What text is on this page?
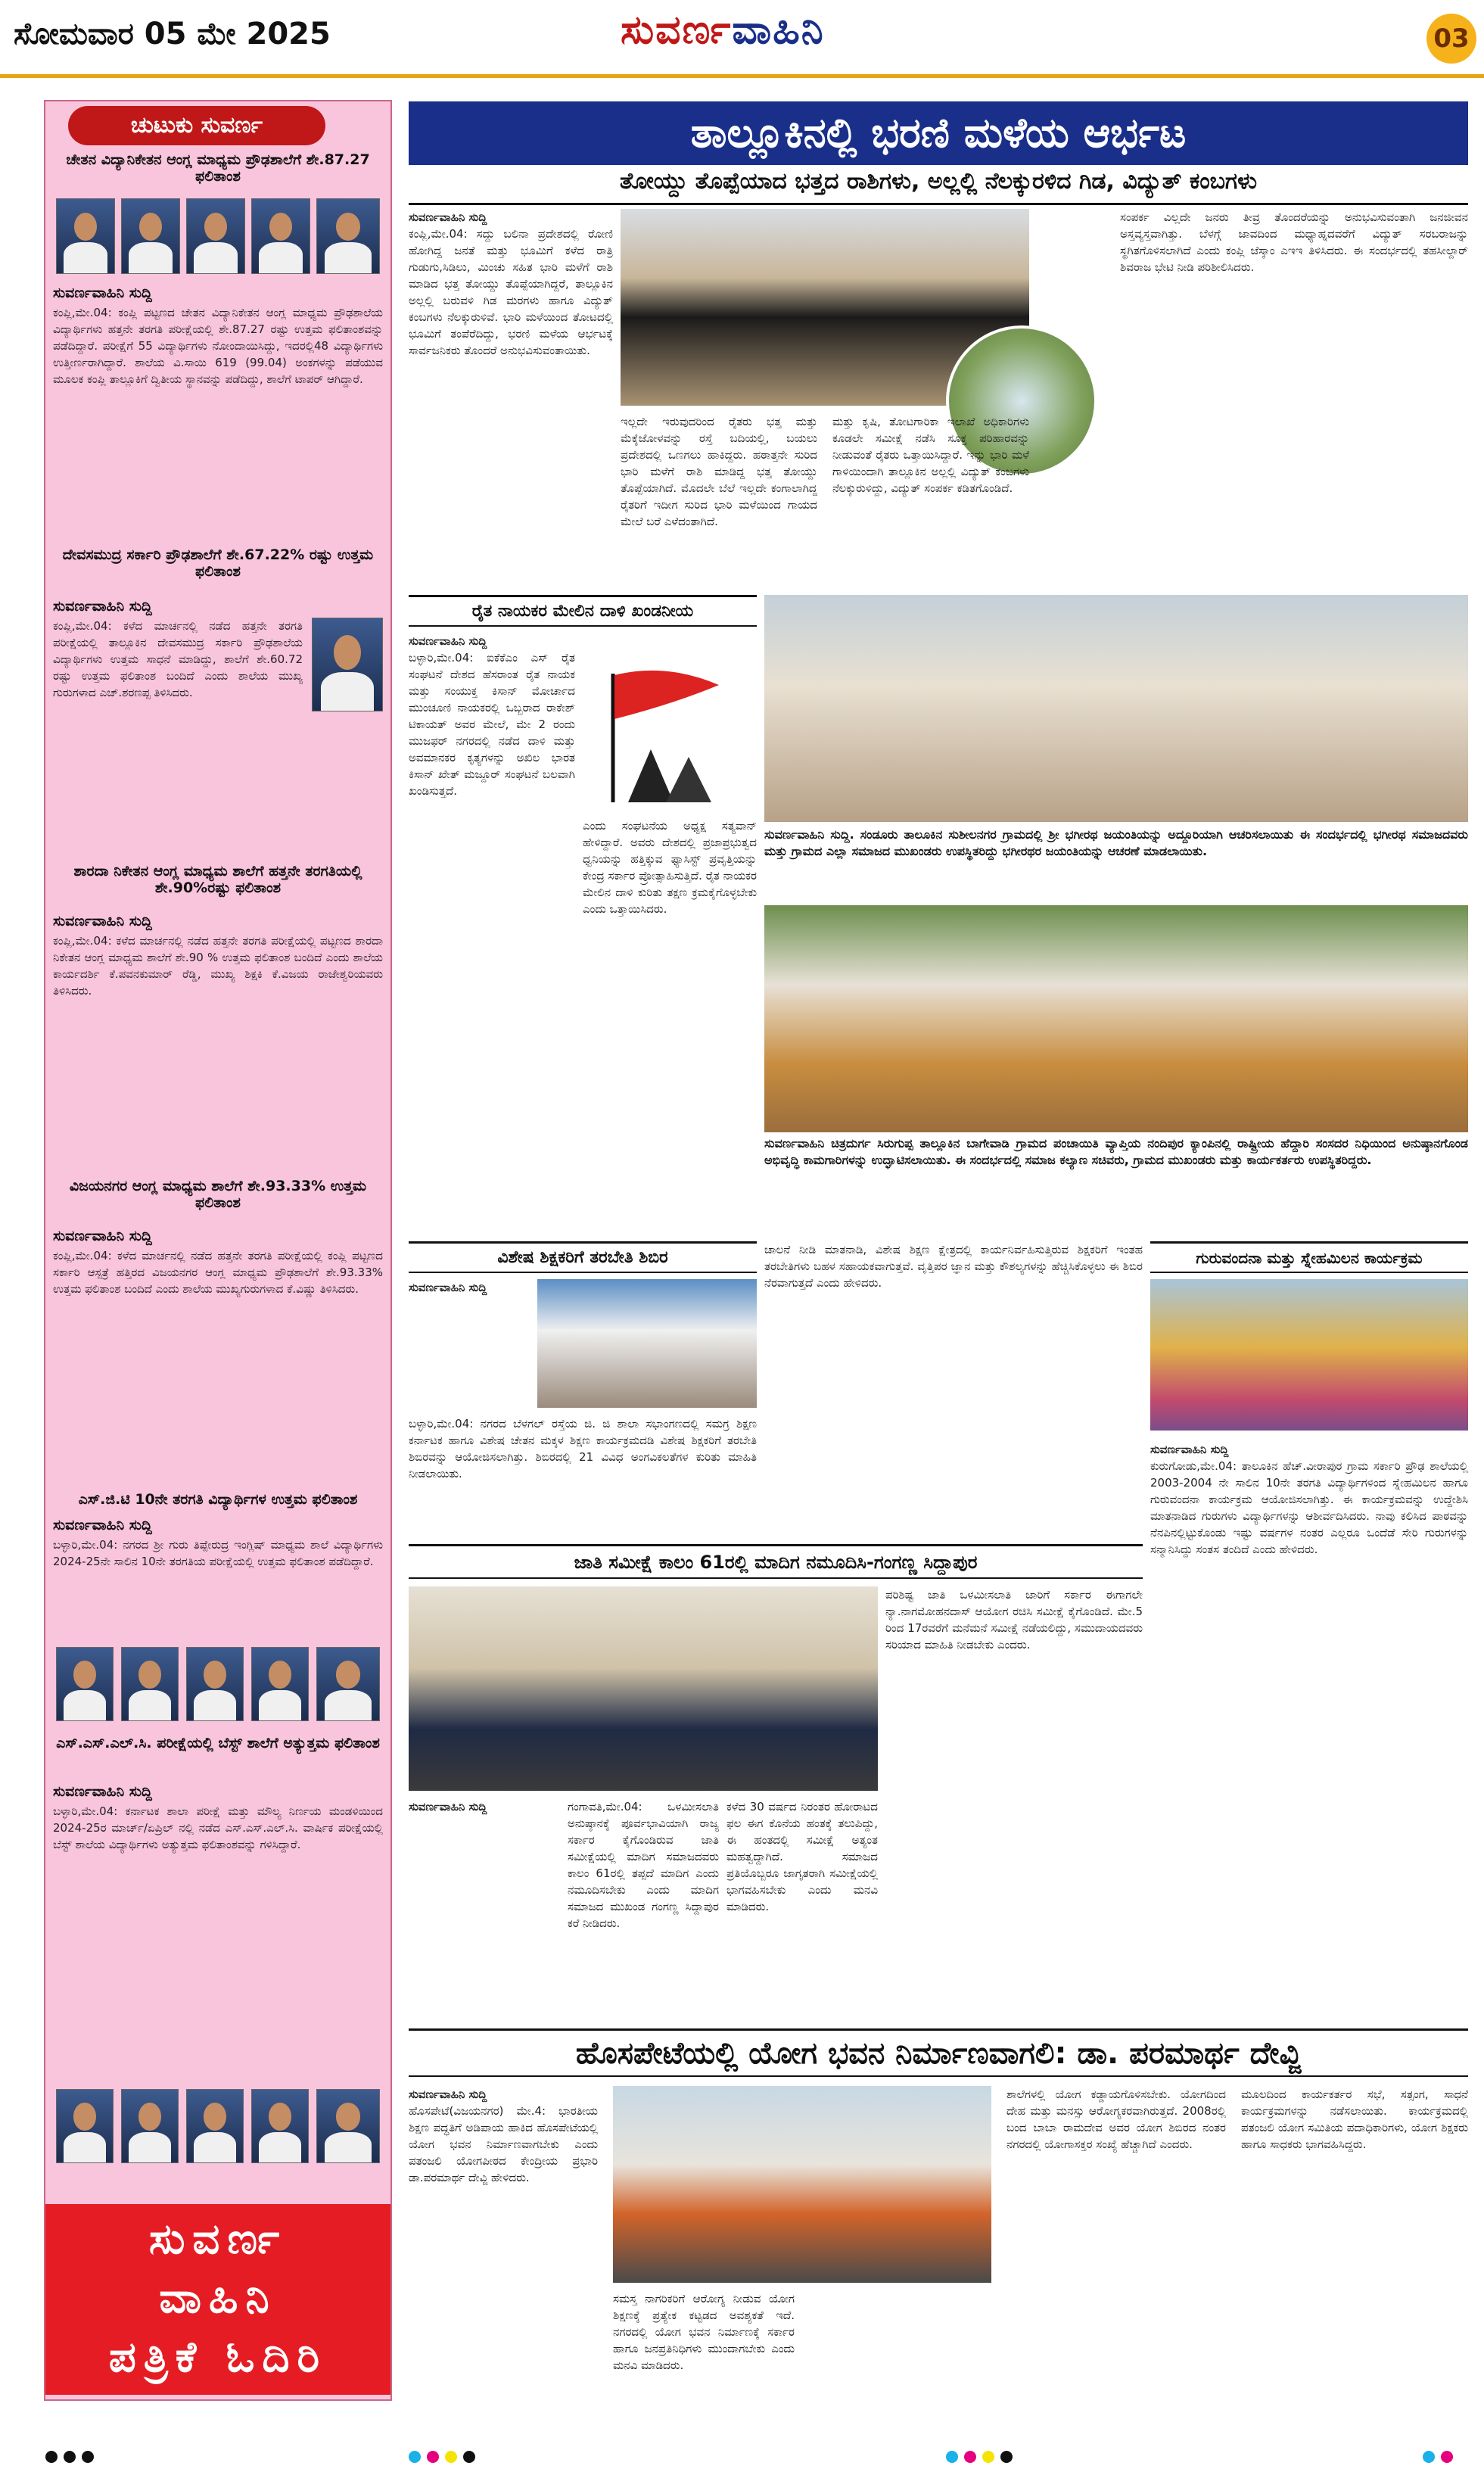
ಸೋಮವಾರ 05 ಮೇ 2025	ಸುವರ್ಣವಾಹಿನಿ	03
ಚುಟುಕು ಸುವರ್ಣ
ಚೇತನ ವಿದ್ಯಾನಿಕೇತನ ಆಂಗ್ಲ ಮಾಧ್ಯಮ ಪ್ರೌಢಶಾಲೆಗೆ ಶೇ.87.27 ಫಲಿತಾಂಶ
ಸುವರ್ಣವಾಹಿನಿ ಸುದ್ದಿ
ಕಂಪ್ಲಿ,ಮೇ.04: ಕಂಪ್ಲಿ ಪಟ್ಟಣದ ಚೇತನ ವಿದ್ಯಾನಿಕೇತನ ಆಂಗ್ಲ ಮಾಧ್ಯಮ ಪ್ರೌಢಶಾಲೆಯ ವಿದ್ಯಾರ್ಥಿಗಳು ಹತ್ತನೇ ತರಗತಿ ಪರೀಕ್ಷೆಯಲ್ಲಿ ಶೇ.87.27 ರಷ್ಟು ಉತ್ತಮ ಫಲಿತಾಂಶವನ್ನು ಪಡೆದಿದ್ದಾರೆ. ಪರೀಕ್ಷೆಗೆ 55 ವಿದ್ಯಾರ್ಥಿಗಳು ನೋಂದಾಯಿಸಿದ್ದು, ಇದರಲ್ಲಿ48 ವಿದ್ಯಾರ್ಥಿಗಳು ಉತ್ತೀರ್ಣರಾಗಿದ್ದಾರೆ. ಶಾಲೆಯ ವಿ.ಸಾಯಿ 619 (99.04) ಅಂಕಗಳನ್ನು ಪಡೆಯುವ ಮೂಲಕ ಕಂಪ್ಲಿ ತಾಲ್ಲೂಕಿಗೆ ದ್ವಿತೀಯ ಸ್ಥಾನವನ್ನು ಪಡೆದಿದ್ದು, ಶಾಲೆಗೆ ಟಾಪರ್ ಆಗಿದ್ದಾರೆ.
ದೇವಸಮುದ್ರ ಸರ್ಕಾರಿ ಪ್ರೌಢಶಾಲೆಗೆ ಶೇ.67.22% ರಷ್ಟು ಉತ್ತಮ ಫಲಿತಾಂಶ
ಸುವರ್ಣವಾಹಿನಿ ಸುದ್ದಿ
ಕಂಪ್ಲಿ,ಮೇ.04: ಕಳೆದ ಮಾರ್ಚನಲ್ಲಿ ನಡೆದ ಹತ್ತನೇ ತರಗತಿ ಪರೀಕ್ಷೆಯಲ್ಲಿ ತಾಲ್ಲೂಕಿನ ದೇವಸಮುದ್ರ ಸರ್ಕಾರಿ ಪ್ರೌಢಶಾಲೆಯ ವಿದ್ಯಾರ್ಥಿಗಳು ಉತ್ತಮ ಸಾಧನೆ ಮಾಡಿದ್ದು, ಶಾಲೆಗೆ ಶೇ.60.72 ರಷ್ಟು ಉತ್ತಮ ಫಲಿತಾಂಶ ಬಂದಿದೆ ಎಂದು ಶಾಲೆಯ ಮುಖ್ಯ ಗುರುಗಳಾದ ಎಚ್.ಶರಣಪ್ಪ ತಿಳಿಸಿದರು.
ಶಾರದಾ ನಿಕೇತನ ಆಂಗ್ಲ ಮಾಧ್ಯಮ ಶಾಲೆಗೆ ಹತ್ತನೇ ತರಗತಿಯಲ್ಲಿ ಶೇ.90%ರಷ್ಟು ಫಲಿತಾಂಶ
ಸುವರ್ಣವಾಹಿನಿ ಸುದ್ದಿ
ಕಂಪ್ಲಿ,ಮೇ.04: ಕಳೆದ ಮಾರ್ಚನಲ್ಲಿ ನಡೆದ ಹತ್ತನೇ ತರಗತಿ ಪರೀಕ್ಷೆಯಲ್ಲಿ ಪಟ್ಟಣದ ಶಾರದಾ ನಿಕೇತನ ಆಂಗ್ಲ ಮಾಧ್ಯಮ ಶಾಲೆಗೆ ಶೇ.90 % ಉತ್ತಮ ಫಲಿತಾಂಶ ಬಂದಿದೆ ಎಂದು ಶಾಲೆಯ ಕಾರ್ಯದರ್ಶಿ ಕೆ.ಪವನಕುಮಾರ್ ರೆಡ್ಡಿ, ಮುಖ್ಯ ಶಿಕ್ಷಕಿ ಕೆ.ವಿಜಯ ರಾಜೇಶ್ವರಿಯವರು ತಿಳಿಸಿದರು.
ವಿಜಯನಗರ ಆಂಗ್ಲ ಮಾಧ್ಯಮ ಶಾಲೆಗೆ ಶೇ.93.33% ಉತ್ತಮ ಫಲಿತಾಂಶ
ಸುವರ್ಣವಾಹಿನಿ ಸುದ್ದಿ
ಕಂಪ್ಲಿ,ಮೇ.04: ಕಳೆದ ಮಾರ್ಚನಲ್ಲಿ ನಡೆದ ಹತ್ತನೇ ತರಗತಿ ಪರೀಕ್ಷೆಯಲ್ಲಿ ಕಂಪ್ಲಿ ಪಟ್ಟಣದ ಸರ್ಕಾರಿ ಆಸ್ಪತ್ರೆ ಹತ್ತಿರದ ವಿಜಯನಗರ ಆಂಗ್ಲ ಮಾಧ್ಯಮ ಪ್ರೌಢಶಾಲೆಗೆ ಶೇ.93.33% ಉತ್ತಮ ಫಲಿತಾಂಶ ಬಂದಿದೆ ಎಂದು ಶಾಲೆಯ ಮುಖ್ಯಗುರುಗಳಾದ ಕೆ.ವಿಷ್ಣು ತಿಳಿಸಿದರು.
ಎಸ್.ಜಿ.ಟಿ 10ನೇ ತರಗತಿ ವಿದ್ಯಾರ್ಥಿಗಳ ಉತ್ತಮ ಫಲಿತಾಂಶ
ಸುವರ್ಣವಾಹಿನಿ ಸುದ್ದಿ
ಬಳ್ಳಾರಿ,ಮೇ.04: ನಗರದ ಶ್ರೀ ಗುರು ತಿಪ್ಪೇರುದ್ರ ಇಂಗ್ಲಿಷ್ ಮಾಧ್ಯಮ ಶಾಲೆ ವಿದ್ಯಾರ್ಥಿಗಳು 2024-25ನೇ ಸಾಲಿನ 10ನೇ ತರಗತಿಯ ಪರೀಕ್ಷೆಯಲ್ಲಿ ಉತ್ತಮ ಫಲಿತಾಂಶ ಪಡೆದಿದ್ದಾರೆ.
ಎಸ್.ಎಸ್.ಎಲ್.ಸಿ. ಪರೀಕ್ಷೆಯಲ್ಲಿ ಬೆಸ್ಟ್ ಶಾಲೆಗೆ ಅತ್ಯುತ್ತಮ ಫಲಿತಾಂಶ
ಸುವರ್ಣವಾಹಿನಿ ಸುದ್ದಿ
ಬಳ್ಳಾರಿ,ಮೇ.04: ಕರ್ನಾಟಕ ಶಾಲಾ ಪರೀಕ್ಷೆ ಮತ್ತು ಮೌಲ್ಯ ನಿರ್ಣಯ ಮಂಡಳಿಯಿಂದ 2024-25ರ ಮಾರ್ಚ್/ಏಪ್ರಿಲ್ ನಲ್ಲಿ ನಡೆದ ಎಸ್.ಎಸ್.ಎಲ್.ಸಿ. ವಾರ್ಷಿಕ ಪರೀಕ್ಷೆಯಲ್ಲಿ ಬೆಸ್ಟ್ ಶಾಲೆಯ ವಿದ್ಯಾರ್ಥಿಗಳು ಅತ್ಯುತ್ತಮ ಫಲಿತಾಂಶವನ್ನು ಗಳಿಸಿದ್ದಾರೆ.
ಸುವರ್ಣ
ವಾಹಿನಿ
ಪತ್ರಿಕೆ ಓದಿರಿ
ತಾಲ್ಲೂಕಿನಲ್ಲಿ ಭರಣಿ ಮಳೆಯ ಆರ್ಭಟ
ತೋಯ್ದು ತೊಪ್ಪೆಯಾದ ಭತ್ತದ ರಾಶಿಗಳು, ಅಲ್ಲಲ್ಲಿ ನೆಲಕ್ಕುರಳಿದ ಗಿಡ, ವಿದ್ಯುತ್ ಕಂಬಗಳು
ಸುವರ್ಣವಾಹಿನಿ ಸುದ್ದಿ
ಕಂಪ್ಲಿ,ಮೇ.04: ಸದ್ದು ಬಲಿನಾ ಪ್ರದೇಶದಲ್ಲಿ ರೋಣಿ ಹೋಗಿದ್ದ ಜನತೆ ಮತ್ತು ಭೂಮಿಗೆ ಕಳೆದ ರಾತ್ರಿ ಗುಡುಗು,ಸಿಡಿಲು, ಮಿಂಚು ಸಹಿತ ಭಾರಿ ಮಳೆಗೆ ರಾಶಿ ಮಾಡಿದ ಭತ್ತ ತೋಯ್ದು ತೊಪ್ಪೆಯಾಗಿದ್ದರೆ, ತಾಲ್ಲೂಕಿನ ಅಲ್ಲಲ್ಲಿ ಬರುವಳಿ ಗಿಡ ಮರಗಳು ಹಾಗೂ ವಿದ್ಯುತ್ ಕಂಬಗಳು ನೆಲಕ್ಕುರುಳಿವೆ. ಭಾರಿ ಮಳೆಯಿಂದ ತೋಟದಲ್ಲಿ ಭೂಮಿಗೆ ತಂಪೆರೆದಿದ್ದು, ಭರಣಿ ಮಳೆಯ ಆರ್ಭಟಕ್ಕೆ ಸಾರ್ವಜನಿಕರು ತೊಂದರೆ ಅನುಭವಿಸುವಂತಾಯಿತು.
ಇಲ್ಲದೇ ಇರುವುದರಿಂದ ರೈತರು ಭತ್ತ ಮತ್ತು ಮೆಕ್ಕೆಜೋಳವನ್ನು ರಸ್ತೆ ಬದಿಯಲ್ಲಿ, ಬಯಲು ಪ್ರದೇಶದಲ್ಲಿ ಒಣಗಲು ಹಾಕಿದ್ದರು. ಹಠಾತ್ತನೇ ಸುರಿದ ಭಾರಿ ಮಳೆಗೆ ರಾಶಿ ಮಾಡಿದ್ದ ಭತ್ತ ತೋಯ್ದು ತೊಪ್ಪೆಯಾಗಿದೆ. ಮೊದಲೇ ಬೆಲೆ ಇಲ್ಲದೇ ಕಂಗಾಲಾಗಿದ್ದ ರೈತರಿಗೆ ಇದೀಗ ಸುರಿದ ಭಾರಿ ಮಳೆಯಿಂದ ಗಾಯದ ಮೇಲೆ ಬರೆ ಎಳೆದಂತಾಗಿದೆ.
ಮತ್ತು ಕೃಷಿ, ತೋಟಗಾರಿಕಾ ಇಲಾಖೆ ಅಧಿಕಾರಿಗಳು ಕೂಡಲೇ ಸಮೀಕ್ಷೆ ನಡೆಸಿ ಸೂಕ್ತ ಪರಿಹಾರವನ್ನು ನೀಡುವಂತೆ ರೈತರು ಒತ್ತಾಯಿಸಿದ್ದಾರೆ. ಇನ್ನು ಭಾರಿ ಮಳೆ ಗಾಳಿಯಿಂದಾಗಿ ತಾಲ್ಲೂಕಿನ ಅಲ್ಲಲ್ಲಿ ವಿದ್ಯುತ್ ಕಂಬಗಳು ನೆಲಕ್ಕುರುಳಿದ್ದು, ವಿದ್ಯುತ್ ಸಂಪರ್ಕ ಕಡಿತಗೊಂಡಿದೆ.
ಸಂಪರ್ಕ ವಿಲ್ಲದೇ ಜನರು ತೀವ್ರ ತೊಂದರೆಯನ್ನು ಅನುಭವಿಸುವಂತಾಗಿ ಜನಜೀವನ ಅಸ್ತವ್ಯಸ್ತವಾಗಿತ್ತು. ಬೆಳಗ್ಗೆ ಜಾವದಿಂದ ಮಧ್ಯಾಹ್ನದವರೆಗೆ ವಿದ್ಯುತ್ ಸರಬರಾಜನ್ನು ಸ್ಥಗಿತಗೊಳಿಸಲಾಗಿದೆ ಎಂದು ಕಂಪ್ಲಿ ಜೆಸ್ಕಾಂ ಎಇಇ ತಿಳಿಸಿದರು. ಈ ಸಂದರ್ಭದಲ್ಲಿ ತಹಸೀಲ್ದಾರ್ ಶಿವರಾಜ ಭೇಟಿ ನೀಡಿ ಪರಿಶೀಲಿಸಿದರು.
ರೈತ ನಾಯಕರ ಮೇಲಿನ ದಾಳಿ ಖಂಡನೀಯ
ಸುವರ್ಣವಾಹಿನಿ ಸುದ್ದಿ
ಬಳ್ಳಾರಿ,ಮೇ.04: ಐಕೆಕೆಎಂ ಎಸ್ ರೈತ ಸಂಘಟನೆ ದೇಶದ ಹೆಸರಾಂತ ರೈತ ನಾಯಕ ಮತ್ತು ಸಂಯುಕ್ತ ಕಿಸಾನ್ ಮೋರ್ಚಾದ ಮುಂಚೂಣಿ ನಾಯಕರಲ್ಲಿ ಒಬ್ಬರಾದ ರಾಕೇಶ್ ಟಿಕಾಯತ್ ಅವರ ಮೇಲೆ, ಮೇ 2 ರಂದು ಮುಜಫರ್ ನಗರದಲ್ಲಿ ನಡೆದ ದಾಳಿ ಮತ್ತು ಅವಮಾನಕರ ಕೃತ್ಯಗಳನ್ನು ಅಖಿಲ ಭಾರತ ಕಿಸಾನ್ ಖೇತ್ ಮಜ್ದೂರ್ ಸಂಘಟನೆ ಬಲವಾಗಿ ಖಂಡಿಸುತ್ತದೆ.
ಎಂದು ಸಂಘಟನೆಯ ಅಧ್ಯಕ್ಷ ಸತ್ಯವಾನ್ ಹೇಳಿದ್ದಾರೆ. ಅವರು ದೇಶದಲ್ಲಿ ಪ್ರಜಾಪ್ರಭುತ್ವದ ಧ್ವನಿಯನ್ನು ಹತ್ತಿಕ್ಕುವ ಫ್ಯಾಸಿಸ್ಟ್ ಪ್ರವೃತ್ತಿಯನ್ನು ಕೇಂದ್ರ ಸರ್ಕಾರ ಪ್ರೋತ್ಸಾಹಿಸುತ್ತಿದೆ. ರೈತ ನಾಯಕರ ಮೇಲಿನ ದಾಳಿ ಕುರಿತು ತಕ್ಷಣ ಕ್ರಮಕೈಗೊಳ್ಳಬೇಕು ಎಂದು ಒತ್ತಾಯಿಸಿದರು.
ಸುವರ್ಣವಾಹಿನಿ ಸುದ್ದಿ. ಸಂಡೂರು ತಾಲೂಕಿನ ಸುಶೀಲನಗರ ಗ್ರಾಮದಲ್ಲಿ ಶ್ರೀ ಭಗೀರಥ ಜಯಂತಿಯನ್ನು ಅದ್ದೂರಿಯಾಗಿ ಆಚರಿಸಲಾಯಿತು ಈ ಸಂದರ್ಭದಲ್ಲಿ ಭಗೀರಥ ಸಮಾಜದವರು ಮತ್ತು ಗ್ರಾಮದ ಎಲ್ಲಾ ಸಮಾಜದ ಮುಖಂಡರು ಉಪಸ್ಥಿತರಿದ್ದು ಭಗೀರಥರ ಜಯಂತಿಯನ್ನು ಆಚರಣೆ ಮಾಡಲಾಯಿತು.
ಸುವರ್ಣವಾಹಿನಿ ಚಿತ್ರದುರ್ಗ ಸಿರುಗುಪ್ಪ ತಾಲ್ಲೂಕಿನ ಬಾಗೇವಾಡಿ ಗ್ರಾಮದ ಪಂಚಾಯಿತಿ ವ್ಯಾಪ್ತಿಯ ನಂದಿಪುರ ಕ್ಯಾಂಪಿನಲ್ಲಿ ರಾಷ್ಟ್ರೀಯ ಹೆದ್ದಾರಿ ಸಂಸದರ ನಿಧಿಯಿಂದ ಅನುಷ್ಠಾನಗೊಂಡ ಅಭಿವೃದ್ಧಿ ಕಾಮಗಾರಿಗಳನ್ನು ಉದ್ಘಾಟಿಸಲಾಯಿತು. ಈ ಸಂದರ್ಭದಲ್ಲಿ ಸಮಾಜ ಕಲ್ಯಾಣ ಸಚಿವರು, ಗ್ರಾಮದ ಮುಖಂಡರು ಮತ್ತು ಕಾರ್ಯಕರ್ತರು ಉಪಸ್ಥಿತರಿದ್ದರು.
ವಿಶೇಷ ಶಿಕ್ಷಕರಿಗೆ ತರಬೇತಿ ಶಿಬಿರ
ಸುವರ್ಣವಾಹಿನಿ ಸುದ್ದಿ
ಬಳ್ಳಾರಿ,ಮೇ.04: ನಗರದ ಬೆಳಗಲ್ ರಸ್ತೆಯ ಜಿ. ಜಿ ಶಾಲಾ ಸಭಾಂಗಣದಲ್ಲಿ ಸಮಗ್ರ ಶಿಕ್ಷಣ ಕರ್ನಾಟಕ ಹಾಗೂ ವಿಶೇಷ ಚೇತನ ಮಕ್ಕಳ ಶಿಕ್ಷಣ ಕಾರ್ಯಕ್ರಮದಡಿ ವಿಶೇಷ ಶಿಕ್ಷಕರಿಗೆ ತರಬೇತಿ ಶಿಬಿರವನ್ನು ಆಯೋಜಿಸಲಾಗಿತ್ತು. ಶಿಬಿರದಲ್ಲಿ 21 ವಿವಿಧ ಅಂಗವಿಕಲತೆಗಳ ಕುರಿತು ಮಾಹಿತಿ ನೀಡಲಾಯಿತು.
ಚಾಲನೆ ನೀಡಿ ಮಾತನಾಡಿ, ವಿಶೇಷ ಶಿಕ್ಷಣ ಕ್ಷೇತ್ರದಲ್ಲಿ ಕಾರ್ಯನಿರ್ವಹಿಸುತ್ತಿರುವ ಶಿಕ್ಷಕರಿಗೆ ಇಂತಹ ತರಬೇತಿಗಳು ಬಹಳ ಸಹಾಯಕವಾಗುತ್ತವೆ. ವೃತ್ತಿಪರ ಜ್ಞಾನ ಮತ್ತು ಕೌಶಲ್ಯಗಳನ್ನು ಹೆಚ್ಚಿಸಿಕೊಳ್ಳಲು ಈ ಶಿಬಿರ ನೆರವಾಗುತ್ತದೆ ಎಂದು ಹೇಳಿದರು.
ಗುರುವಂದನಾ ಮತ್ತು ಸ್ನೇಹಮಿಲನ ಕಾರ್ಯಕ್ರಮ
ಸುವರ್ಣವಾಹಿನಿ ಸುದ್ದಿ
ಕುರುಗೋಡು,ಮೇ.04: ತಾಲೂಕಿನ ಹೆಚ್.ವೀರಾಪುರ ಗ್ರಾಮ ಸರ್ಕಾರಿ ಪ್ರೌಢ ಶಾಲೆಯಲ್ಲಿ 2003-2004 ನೇ ಸಾಲಿನ 10ನೇ ತರಗತಿ ವಿದ್ಯಾರ್ಥಿಗಳಿಂದ ಸ್ನೇಹಮಿಲನ ಹಾಗೂ ಗುರುವಂದನಾ ಕಾರ್ಯಕ್ರಮ ಆಯೋಜಿಸಲಾಗಿತ್ತು. ಈ ಕಾರ್ಯಕ್ರಮವನ್ನು ಉದ್ದೇಶಿಸಿ ಮಾತನಾಡಿದ ಗುರುಗಳು ವಿದ್ಯಾರ್ಥಿಗಳನ್ನು ಆಶೀರ್ವದಿಸಿದರು. ನಾವು ಕಲಿಸಿದ ಪಾಠವನ್ನು ನೆನಪಿನಲ್ಲಿಟ್ಟುಕೊಂಡು ಇಷ್ಟು ವರ್ಷಗಳ ನಂತರ ಎಲ್ಲರೂ ಒಂದೆಡೆ ಸೇರಿ ಗುರುಗಳನ್ನು ಸನ್ಮಾನಿಸಿದ್ದು ಸಂತಸ ತಂದಿದೆ ಎಂದು ಹೇಳಿದರು.
ಜಾತಿ ಸಮೀಕ್ಷೆ ಕಾಲಂ 61ರಲ್ಲಿ ಮಾದಿಗ ನಮೂದಿಸಿ-ಗಂಗಣ್ಣ ಸಿದ್ದಾಪುರ
ಸುವರ್ಣವಾಹಿನಿ ಸುದ್ದಿ	ಗಂಗಾವತಿ,ಮೇ.04: ಒಳಮೀಸಲಾತಿ ಅನುಷ್ಠಾನಕ್ಕೆ ಪೂರ್ವಭಾವಿಯಾಗಿ ರಾಜ್ಯ ಸರ್ಕಾರ ಕೈಗೊಂಡಿರುವ ಜಾತಿ ಸಮೀಕ್ಷೆಯಲ್ಲಿ ಮಾದಿಗ ಸಮಾಜದವರು ಕಾಲಂ 61ರಲ್ಲಿ ತಪ್ಪದೆ ಮಾದಿಗ ಎಂದು ನಮೂದಿಸಬೇಕು ಎಂದು ಮಾದಿಗ ಸಮಾಜದ ಮುಖಂಡ ಗಂಗಣ್ಣ ಸಿದ್ದಾಪುರ ಕರೆ ನೀಡಿದರು.
ಕಳೆದ 30 ವರ್ಷದ ನಿರಂತರ ಹೋರಾಟದ ಫಲ ಈಗ ಕೊನೆಯ ಹಂತಕ್ಕೆ ತಲುಪಿದ್ದು, ಈ ಹಂತದಲ್ಲಿ ಸಮೀಕ್ಷೆ ಅತ್ಯಂತ ಮಹತ್ವದ್ದಾಗಿದೆ. ಸಮಾಜದ ಪ್ರತಿಯೊಬ್ಬರೂ ಜಾಗೃತರಾಗಿ ಸಮೀಕ್ಷೆಯಲ್ಲಿ ಭಾಗವಹಿಸಬೇಕು ಎಂದು ಮನವಿ ಮಾಡಿದರು.
ಪರಿಶಿಷ್ಟ ಜಾತಿ ಒಳಮೀಸಲಾತಿ ಜಾರಿಗೆ ಸರ್ಕಾರ ಈಗಾಗಲೇ ನ್ಯಾ.ನಾಗಮೋಹನದಾಸ್ ಆಯೋಗ ರಚಿಸಿ ಸಮೀಕ್ಷೆ ಕೈಗೊಂಡಿದೆ. ಮೇ.5 ರಿಂದ 17ರವರೆಗೆ ಮನೆಮನೆ ಸಮೀಕ್ಷೆ ನಡೆಯಲಿದ್ದು, ಸಮುದಾಯದವರು ಸರಿಯಾದ ಮಾಹಿತಿ ನೀಡಬೇಕು ಎಂದರು.
ಹೊಸಪೇಟೆಯಲ್ಲಿ ಯೋಗ ಭವನ ನಿರ್ಮಾಣವಾಗಲಿ: ಡಾ. ಪರಮಾರ್ಥ ದೇವ್ಜಿ
ಸುವರ್ಣವಾಹಿನಿ ಸುದ್ದಿ
ಹೊಸಪೇಟೆ(ವಿಜಯನಗರ) ಮೇ.4: ಭಾರತೀಯ ಶಿಕ್ಷಣ ಪದ್ಧತಿಗೆ ಅಡಿಪಾಯ ಹಾಕಿದ ಹೊಸಪೇಟೆಯಲ್ಲಿ ಯೋಗ ಭವನ ನಿರ್ಮಾಣವಾಗಬೇಕು ಎಂದು ಪತಂಜಲಿ ಯೋಗಪೀಠದ ಕೇಂದ್ರೀಯ ಪ್ರಭಾರಿ ಡಾ.ಪರಮಾರ್ಥ ದೇವ್ಜಿ ಹೇಳಿದರು.
ಸಮಸ್ತ ನಾಗರಿಕರಿಗೆ ಆರೋಗ್ಯ ನೀಡುವ ಯೋಗ ಶಿಕ್ಷಣಕ್ಕೆ ಪ್ರತ್ಯೇಕ ಕಟ್ಟಡದ ಅವಶ್ಯಕತೆ ಇದೆ. ನಗರದಲ್ಲಿ ಯೋಗ ಭವನ ನಿರ್ಮಾಣಕ್ಕೆ ಸರ್ಕಾರ ಹಾಗೂ ಜನಪ್ರತಿನಿಧಿಗಳು ಮುಂದಾಗಬೇಕು ಎಂದು ಮನವಿ ಮಾಡಿದರು.
ಶಾಲೆಗಳಲ್ಲಿ ಯೋಗ ಕಡ್ಡಾಯಗೊಳಿಸಬೇಕು. ಯೋಗದಿಂದ ದೇಹ ಮತ್ತು ಮನಸ್ಸು ಆರೋಗ್ಯಕರವಾಗಿರುತ್ತದೆ. 2008ರಲ್ಲಿ ಬಂದ ಬಾಬಾ ರಾಮದೇವ ಅವರ ಯೋಗ ಶಿಬಿರದ ನಂತರ ನಗರದಲ್ಲಿ ಯೋಗಾಸಕ್ತರ ಸಂಖ್ಯೆ ಹೆಚ್ಚಾಗಿದೆ ಎಂದರು.
ಮೂಲದಿಂದ ಕಾರ್ಯಕರ್ತರ ಸಭೆ, ಸತ್ಸಂಗ, ಸಾಧನೆ ಕಾರ್ಯಕ್ರಮಗಳನ್ನು ನಡೆಸಲಾಯಿತು. ಕಾರ್ಯಕ್ರಮದಲ್ಲಿ ಪತಂಜಲಿ ಯೋಗ ಸಮಿತಿಯ ಪದಾಧಿಕಾರಿಗಳು, ಯೋಗ ಶಿಕ್ಷಕರು ಹಾಗೂ ಸಾಧಕರು ಭಾಗವಹಿಸಿದ್ದರು.
